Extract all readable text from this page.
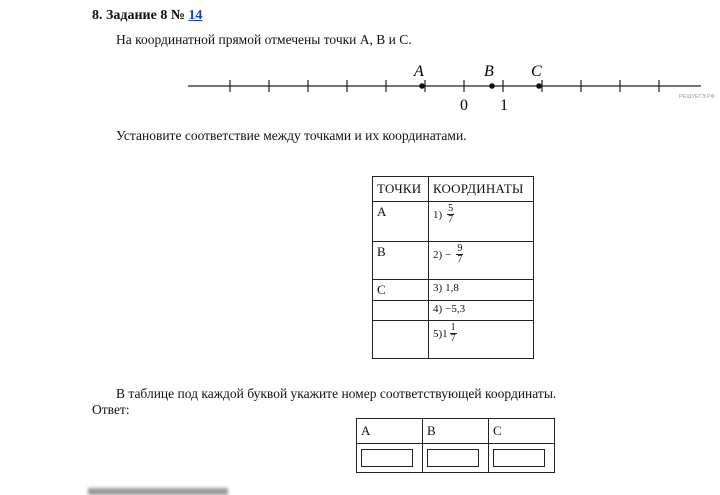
8. Задание 8 № 14
На координатной прямой отмечены точки А, В и С.
A	B C
0 1	РЕШУЕГЭ.РФ
Установите соответствие между точками и их координатами.
ТОЧКИ	КООРДИНАТЫ
А	$1) \frac{5}{7}$

В	$2) - \frac{9}{7}$

С	3) 1,8

	4) −5,3

	5) $1 \frac{1}{7}$
В таблице под каждой буквой укажите номер соответствующей координаты.
Ответ:
А	В	С
